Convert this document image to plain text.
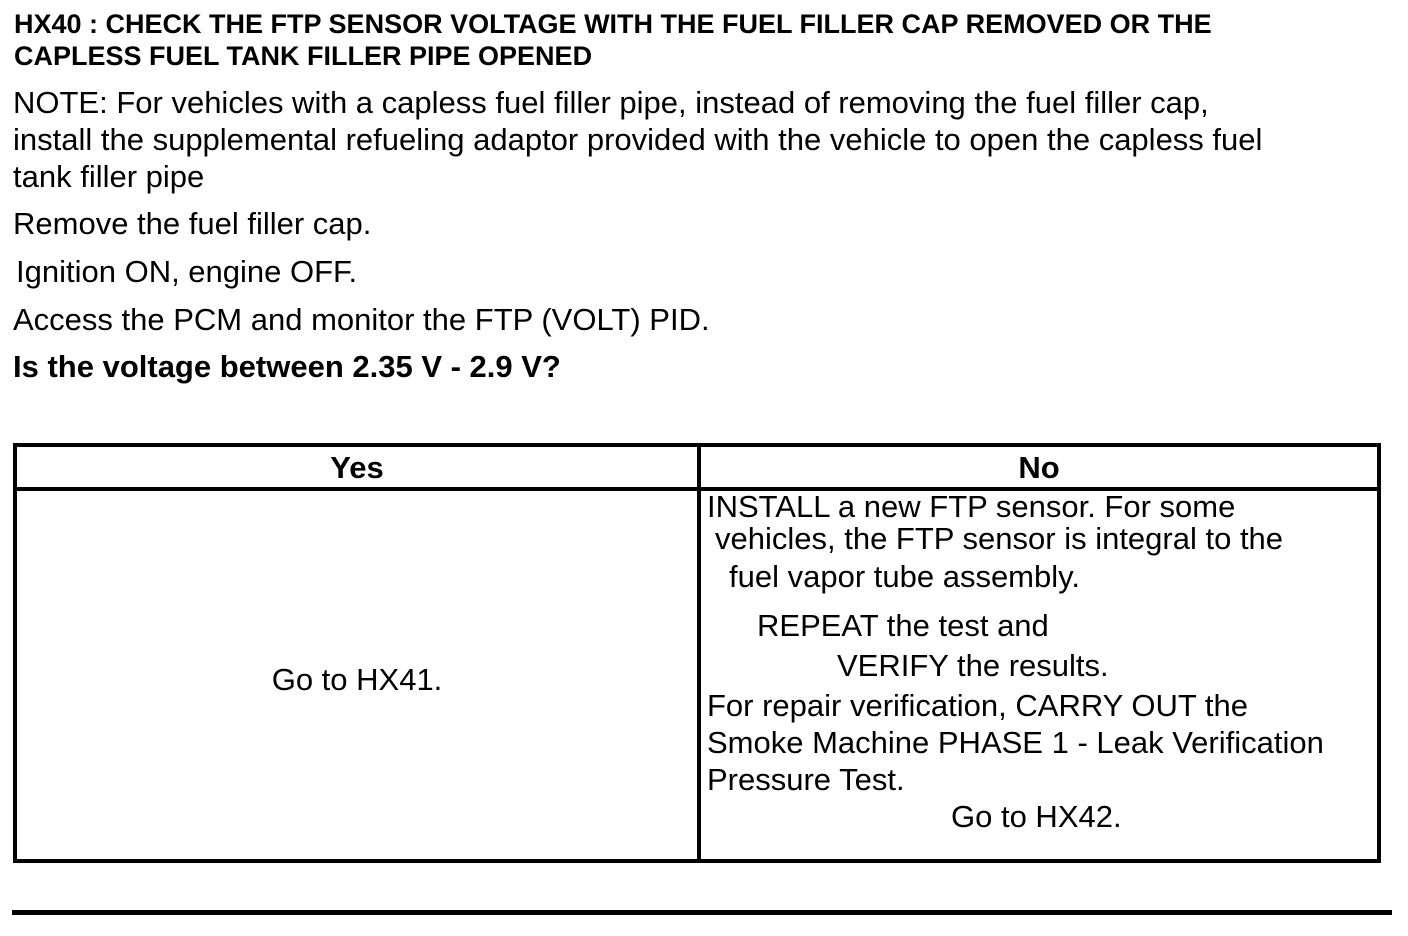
HX40 : CHECK THE FTP SENSOR VOLTAGE WITH THE FUEL FILLER CAP REMOVED OR THE
CAPLESS FUEL TANK FILLER PIPE OPENED
NOTE: For vehicles with a capless fuel filler pipe, instead of removing the fuel filler cap,
install the supplemental refueling adaptor provided with the vehicle to open the capless fuel
tank filler pipe
Remove the fuel filler cap.
Ignition ON, engine OFF.
Access the PCM and monitor the FTP (VOLT) PID.
Is the voltage between 2.35 V - 2.9 V?
Yes	No
Go to HX41.
INSTALL a new FTP sensor. For some
vehicles, the FTP sensor is integral to the
fuel vapor tube assembly.
REPEAT the test and
VERIFY the results.
For repair verification, CARRY OUT the
Smoke Machine PHASE 1 - Leak Verification
Pressure Test.
Go to HX42.
